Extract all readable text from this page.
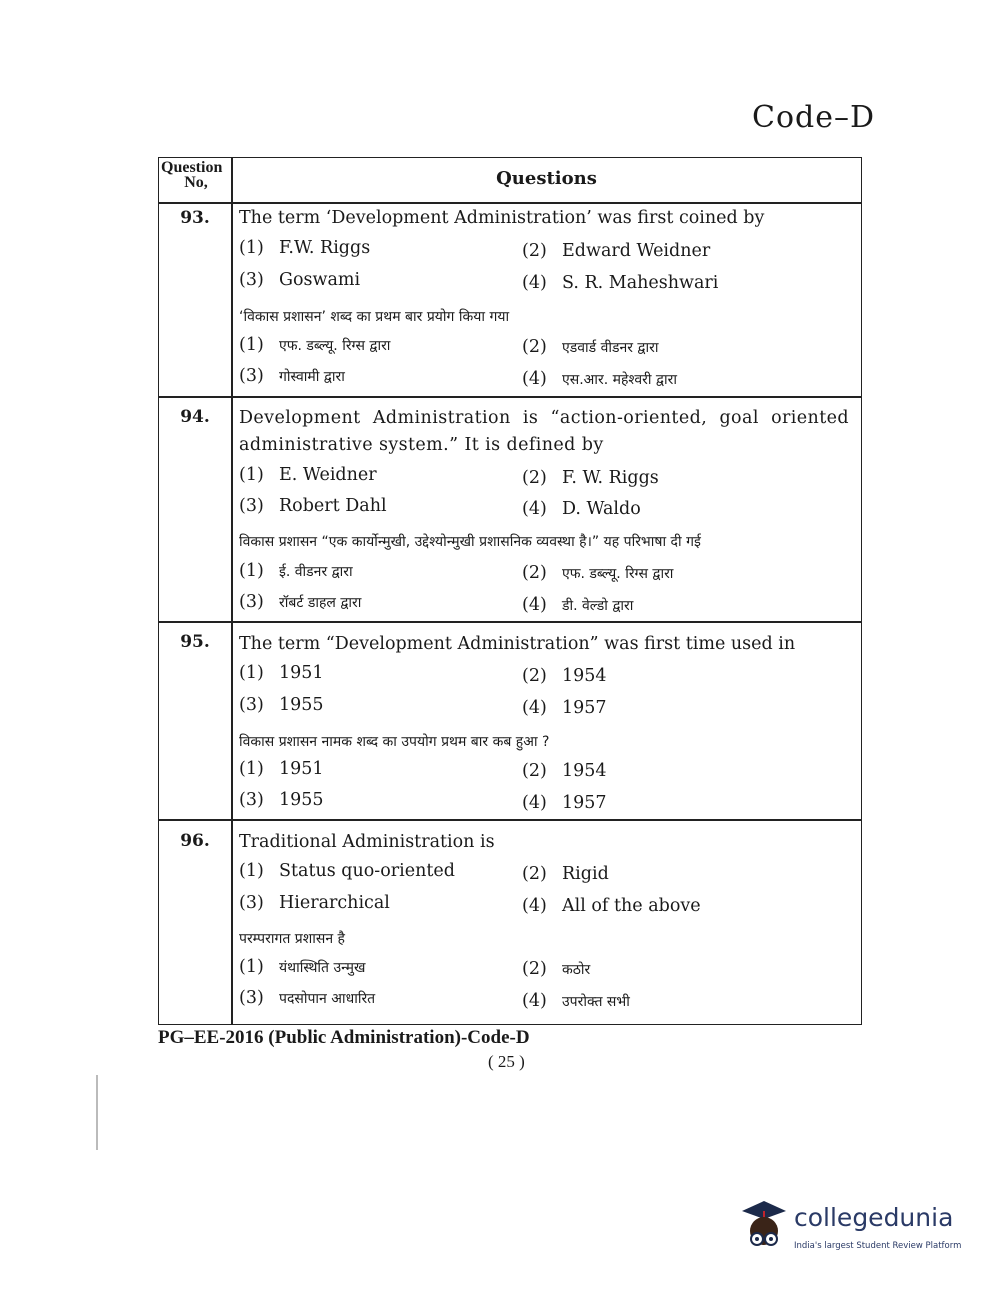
Code–D
Question
No,	Questions
93.	The term ‘Development Administration’ was first coined by
(1) F.W. Riggs	(2) Edward Weidner
(3) Goswami	(4) S. R. Maheshwari
‘विकास प्रशासन’ शब्द का प्रथम बार प्रयोग किया गया
(1) एफ. डब्ल्यू. रिग्स द्वारा	(2) एडवार्ड वीडनर द्वारा
(3) गोस्वामी द्वारा	(4) एस.आर. महेश्वरी द्वारा
94.	Development Administration is “action-oriented, goal oriented administrative system.” It is defined by
(1) E. Weidner	(2) F. W. Riggs
(3) Robert Dahl	(4) D. Waldo
विकास प्रशासन “एक कार्योन्मुखी, उद्देश्योन्मुखी प्रशासनिक व्यवस्था है।” यह परिभाषा दी गई
(1) ई. वीडनर द्वारा	(2) एफ. डब्ल्यू. रिग्स द्वारा
(3) रॉबर्ट डाहल द्वारा	(4) डी. वेल्डो द्वारा
95.	The term “Development Administration” was first time used in
(1) 1951	(2) 1954
(3) 1955	(4) 1957
विकास प्रशासन नामक शब्द का उपयोग प्रथम बार कब हुआ ?
(1) 1951	(2) 1954
(3) 1955	(4) 1957
96.	Traditional Administration is
(1) Status quo-oriented	(2) Rigid
(3) Hierarchical	(4) All of the above
परम्परागत प्रशासन है
(1) यंथास्थिति उन्मुख	(2) कठोर
(3) पदसोपान आधारित	(4) उपरोक्त सभी
PG–EE-2016 (Public Administration)-Code-D
( 25 )
collegedunia
India's largest Student Review Platform
